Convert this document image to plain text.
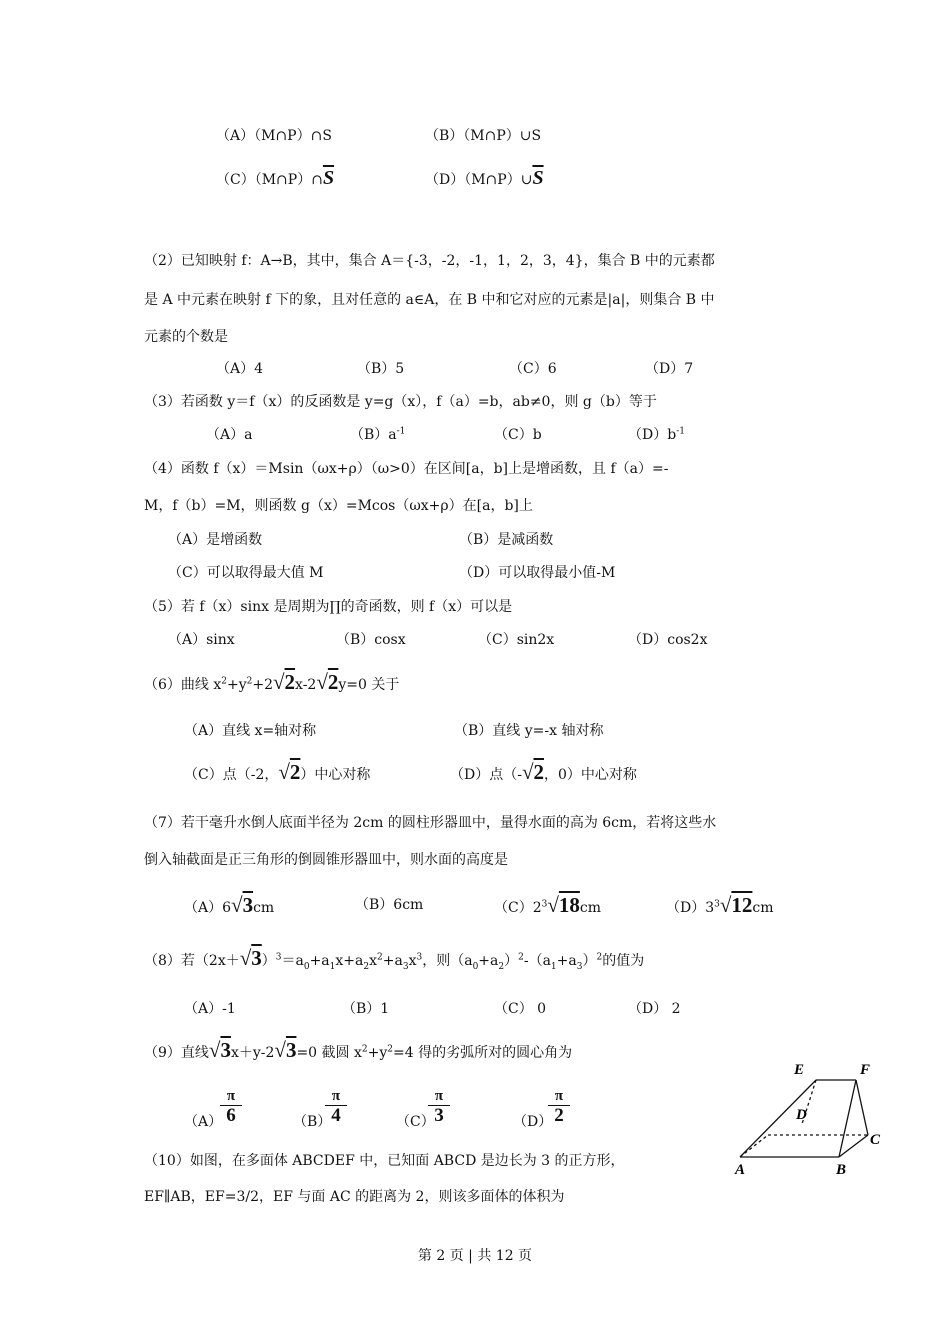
（A）（M∩P）∩S	（B）（M∩P）∪S
$(C)(M\cap P)\cap\overline{S}$	$(D)(M\cap P)\cup\overline{S}$
（2）已知映射 f：A→B，其中，集合 A＝{-3，-2，-1，1，2，3，4}，集合 B 中的元素都
是 A 中元素在映射 f 下的象，且对任意的 a∈A，在 B 中和它对应的元素是|a|，则集合 B 中
元素的个数是
（A）4	（B）5	（C）6	（D）7
（3）若函数 y＝f（x）的反函数是 y=g（x），f（a）=b，ab≠0，则 g（b）等于
（A）a	$(B)a^{-1}$	（C）b	$(D)b^{-1}$
（4）函数 f（x）＝Msin（ωx+ρ）（ω>0）在区间[a，b]上是增函数，且 f（a）=-
M，f（b）=M，则函数 g（x）=Mcos（ωx+ρ）在[a，b]上
（A）是增函数	（B）是减函数
（C）可以取得最大值 M	（D）可以取得最小值-M
（5）若 f（x）sinx 是周期为∏的奇函数，则 f（x）可以是
（A）sinx	（B）cosx	（C）sin2x	（D）cos2x
（6）曲线 $x^2+y^2+2√2x-2√2y=0$ 关于
（A）直线 x=轴对称	（B）直线 y=-x 轴对称
（C）点（-2，√2）中心对称	（D）点（-√2，0）中心对称
（7）若干毫升水倒人底面半径为 2cm 的圆柱形器皿中，量得水面的高为 6cm，若将这些水
倒入轴截面是正三角形的倒圆锥形器皿中，则水面的高度是
（A）6√3cm	（B）6cm	$(C)2^3√18cm$	$(D)3^3√12cm$
（8）若$(2x+√3)^3=a_0+a_1x+a_2x^2+a_3x^3$，则$(a_0+a_2)^2-(a_1+a_3)^2$的值为
（A）-1	（B）1	（C） 0	（D） 2
（9）直线√3x＋y-2√3=0 截圆 $x^2+y^2=4$ 得的劣弧所对的圆心角为
（A）
π
6	（B）
π
4	（C）
π
3	（D）
π
2
（10）如图，在多面体 ABCDEF 中，已知面 ABCD 是边长为 3 的正方形，
EF∥AB，EF=3/2，EF 与面 AC 的距离为 2，则该多面体的体积为
E	F
D
C
A	B
第 2 页 | 共 12 页
